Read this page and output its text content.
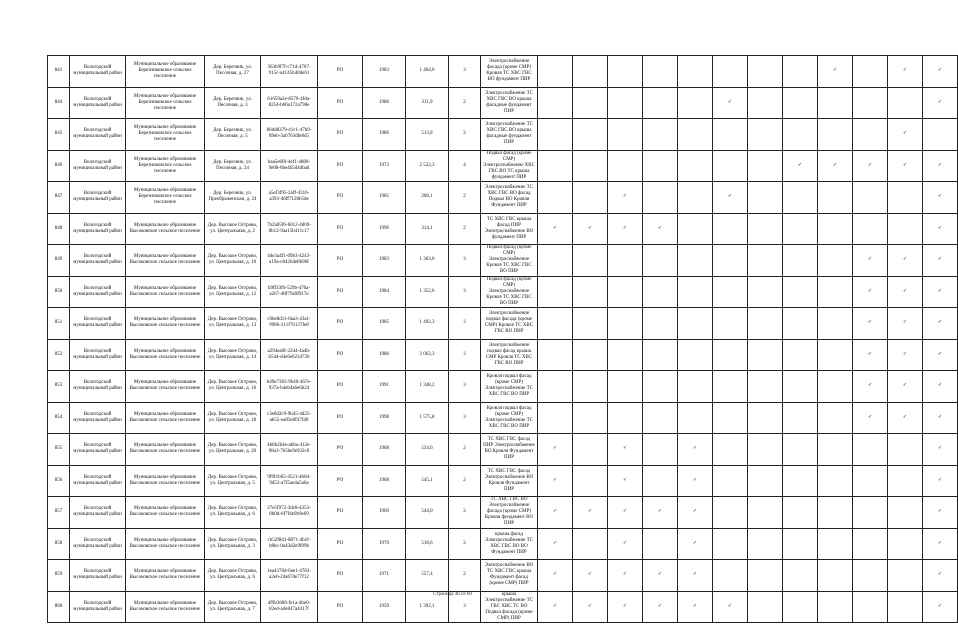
841	Вологодский муниципальный район	Муниципальное образование Березниковское сельское поселение	Дер. Березник, ул. Песочная, д. 27	363b9f7f-c71d-4767-915c-a4145b40de61	РО	1983	1 464,0	3	Электроснабжение фасада (кроме СМР) Кровля ТС ХВС ГВС ВО фундамент ПИР									✓		✓	✓
844	Вологодский муниципальный район	Муниципальное образование Березниковское сельское поселение	Дер. Березник, ул. Песочная, д. 3	61659a2e-8570-4fda-8254-b66a172a798e	РО	1986	311,9	2	Электроснабжение ТС ХВС ГВС ВО крыша фасадные фундамент ПИР						✓						✓
845	Вологодский муниципальный район	Муниципальное образование Березниковское сельское поселение	Дер. Березник, ул. Песочная, д. 5	86dd8379-41c1-47b9-89eb-3a6763dfe8d5	РО	1986	513,8	2	Электроснабжение ТС ХВС ГВС ВО крыша фасадные фундамент ПИР											✓	
846	Вологодский муниципальный район	Муниципальное образование Березниковское сельское поселение	Дер. Березник, ул. Песочная, д. 24	baa5e6f0-4ef1-4880-9e08-6be4b5d4d6ad	РО	1972	2 522,3	4	Подвал фасад (кроме СМР) Электроснабжение ХВС ГВС ВО ТС крыша фундамент ПИР								✓	✓	✓	✓	✓
847	Вологодский муниципальный район	Муниципальное образование Березниковское сельское поселение	Дер. Березник, ул. Преображенская, д. 24	a5ef3f95-2aff-4316-a393-46ff7128b5de	РО	1985	208,1	2	Электроснабжение ТС ХВС ГВС ВО фасад Подвал ВО Кровля Фундамент ПИР			✓			✓						✓
848	Вологодский муниципальный район	Муниципальное образование Высоковское сельское поселение	Дер. Высокое Острово, ул. Центральная, д. 2	7b2a05f6-6012-4d69-8b12-9aa15b411c17	РО	1996	314,1	2	ТС ХВС ГВС крыша фасад ПИР Электроснабжение ВО фундамент ПИР	✓	✓	✓	✓								✓
849	Вологодский муниципальный район	Муниципальное образование Высоковское сельское поселение	Дер. Высокое Острово, ул. Центральная, д. 10	4de3a4f1-09b3-4243-a19a-c84264e8b96f	РО	1983	1 363,0	3	Подвал фасад (кроме СМР) Электроснабжение Кровля ТС ХВС ГВС ВО ПИР										✓	✓	✓
850	Вологодский муниципальный район	Муниципальное образование Высоковское сельское поселение	Дер. Высокое Острово, ул. Центральная, д. 12	b9ff33f6-529b-476a-a267-48f79a9f917e	РО	1984	1 352,6	3	Подвал фасад (кроме СМР) Электроснабжение Кровля ТС ХВС ГВС ВО ПИР										✓	✓	✓
851	Вологодский муниципальный район	Муниципальное образование Высоковское сельское поселение	Дер. Высокое Острово, ул. Центральная, д. 13	c6be8d11-8aa3-43a1-9986-211f76137fe8	РО	1985	1 492,3	3	Электроснабжение подвал фасада (кроме СМР) Кровля ТС ХВС ГВС ВО ПИР										✓	✓	✓
852	Вологодский муниципальный район	Муниципальное образование Высоковское сельское поселение	Дер. Высокое Острово, ул. Центральная, д. 14	a294ea6f-22d4-4a4b-b544-d4e6e6234726	РО	1986	2 063,3	3	Электроснабжение подвал фасад крыша СМР Кровля ТС ХВС ГВС ВО ПИР										✓	✓	✓
853	Вологодский муниципальный район	Муниципальное образование Высоковское сельское поселение	Дер. Высокое Острово, ул. Центральная, д. 16	b49e7383-9b48-467e-937a-b4eb4a6e6b24	РО	1991	1 348,2	3	Кровля подвал фасад (кроме СМР) Электроснабжение ТС ХВС ГВС ВО ПИР										✓	✓	✓
854	Вологодский муниципальный район	Муниципальное образование Высоковское сельское поселение	Дер. Высокое Острово, ул. Центральная, д. 18	c3e0d2c9-9b45-4d25-ab55-ea83e0f47f40	РО	1998	1 575,8	3	Кровля подвал фасад (кроме СМР) Электроснабжение ТС ХВС ГВС ВО ПИР										✓	✓	✓
855	Вологодский муниципальный район	Муниципальное образование Высоковское сельское поселение	Дер. Высокое Острово, ул. Центральная, д. 20	4b8b2b4e-ab0a-412e-98a3-7b5be9e932c6	РО	1968	534,6	2	ТС ХВС ГВС фасад ПИР Электроснабжение ВО Кровля Фундамент ПИР	✓		✓		✓							✓
856	Вологодский муниципальный район	Муниципальное образование Высоковское сельское поселение	Дер. Высокое Острово, ул. Центральная, д. 5	9f9f1b65-4521-4b0d-9d53-a7f5ae4a5a6a	РО	1968	545,1	2	ТС ХВС ГВС фасад Электроснабжение ВО Кровля Фундамент ПИР	✓		✓		✓							✓
857	Вологодский муниципальный район	Муниципальное образование Высоковское сельское поселение	Дер. Высокое Острово, ул. Центральная, д. 6	27e5f972-3dc8-4353-8b0d-6f7f4e9b9e69	РО	1969	544,0	2	ТС ХВС ГВС ВО Электроснабжение фасада (кроме СМР) Кровля фундамент ВО ПИР	✓	✓	✓	✓	✓							✓
858	Вологодский муниципальный район	Муниципальное образование Высоковское сельское поселение	Дер. Высокое Острово, ул. Центральная, д. 3	cb52f8d1-8871-4b1f-b8bc-0a43d2e9f99b	РО	1970	518,6	2	крыша фасад Электроснабжение ТС ХВС ГВС ВО ВО Фундамент ПИР	✓		✓		✓							✓
859	Вологодский муниципальный район	Муниципальное образование Высоковское сельское поселение	Дер. Высокое Острово, ул. Центральная, д. 6	1ea4376d-0ae1-4783-a2e6-24a67de77f12	РО	1971	557,4	2	Электроснабжение ВО ТС ХВС ГВС крыша Фундамент фасад (кроме СМР) ПИР	✓	✓	✓	✓	✓							✓
860	Вологодский муниципальный район	Муниципальное образование Высоковское сельское поселение	Дер. Высокое Острово, ул. Центральная, д. 7	4f9b3686-fe1a-4be0-82ed-a4e847a4417f	РО	1959	1 392,1	3	крыша Электроснабжение ТС ГВС ХВС ТС ВО Подвал фасада (кроме СМР) ПИР	✓	✓	✓	✓	✓	✓						✓
Страница 48 из 60
